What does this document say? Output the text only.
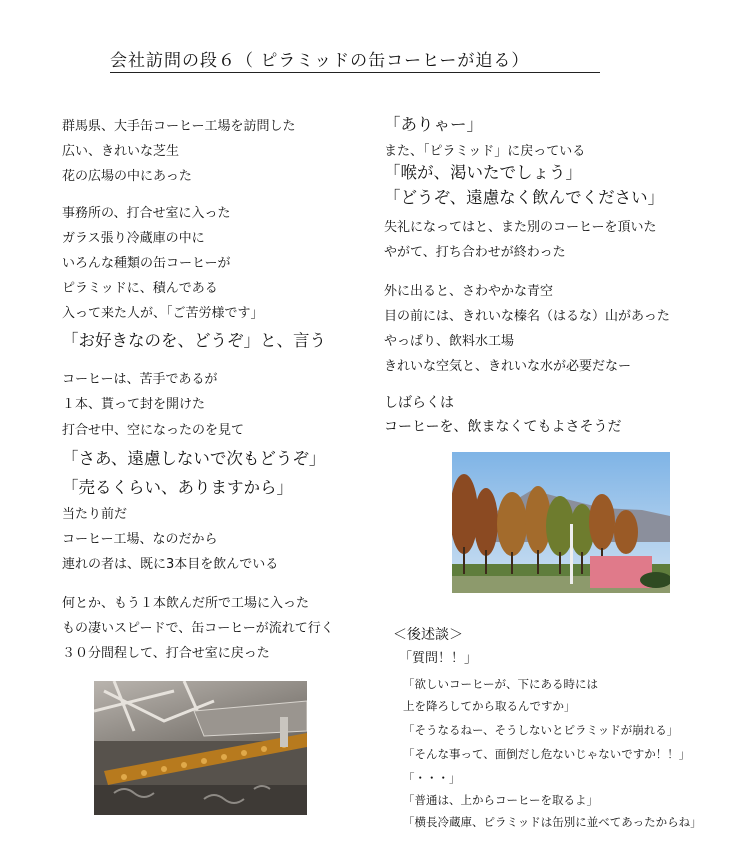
会社訪問の段６（ ピラミッドの缶コーヒーが迫る）
群馬県、大手缶コーヒー工場を訪問した
広い、きれいな芝生
花の広場の中にあった
事務所の、打合せ室に入った
ガラス張り冷蔵庫の中に
いろんな種類の缶コーヒーが
ピラミッドに、積んである
入って来た人が、「ご苦労様です」
「お好きなのを、どうぞ」と、言う
コーヒーは、苦手であるが
１本、貰って封を開けた
打合せ中、空になったのを見て
「さあ、遠慮しないで次もどうぞ」
「売るくらい、ありますから」
当たり前だ
コーヒー工場、なのだから
連れの者は、既に3本目を飲んでいる
何とか、もう１本飲んだ所で工場に入った
もの凄いスピードで、缶コーヒーが流れて行く
３０分間程して、打合せ室に戻った
「ありゃー」
また、「ピラミッド」に戻っている
「喉が、渇いたでしょう」
「どうぞ、遠慮なく飲んでください」
失礼になってはと、また別のコーヒーを頂いた
やがて、打ち合わせが終わった
外に出ると、さわやかな青空
目の前には、きれいな榛名（はるな）山があった
やっぱり、飲料水工場
きれいな空気と、きれいな水が必要だなー
しばらくは
コーヒーを、飲まなくてもよさそうだ
＜後述談＞
「質問！！」
「欲しいコーヒーが、下にある時には
上を降ろしてから取るんですか」
「そうなるねー、そうしないとピラミッドが崩れる」
「そんな事って、面倒だし危ないじゃないですか！！」
「・・・」
「普通は、上からコーヒーを取るよ」
「横長冷蔵庫、ピラミッドは缶別に並べてあったからね」
